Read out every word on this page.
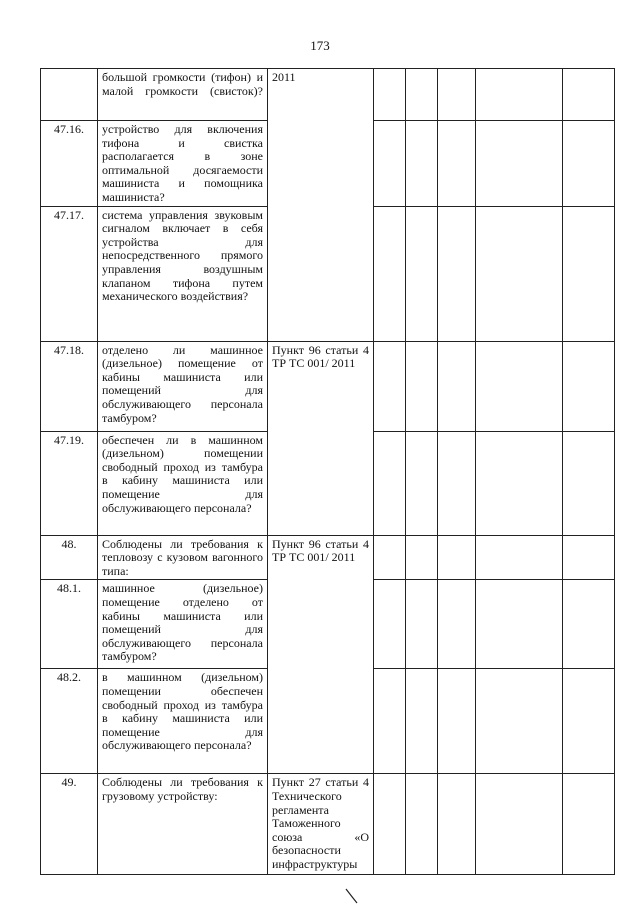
173
	большой громкости (тифон) и малой громкости (свисток)?	2011					

47.16.	устройство для включения тифона и свистка располагается в зоне оптимальной досягаемости машиниста и помощника машиниста?						
47.17.	система управления звуковым сигналом включает в себя устройства для непосредственного прямого управления воздушным клапаном тифона путем механического воздействия?						
47.18.	отделено ли машинное (дизельное) помещение от кабины машиниста или помещений для обслуживающего персонала тамбуром?	Пункт 96 статьи 4 ТР ТС 001/ 2011					

47.19.	обеспечен ли в машинном (дизельном) помещении свободный проход из тамбура в кабину машиниста или помещение для обслуживающего персонала?						
48.	Соблюдены ли требования к тепловозу с кузовом вагонного типа:	Пункт 96 статьи 4 ТР ТС 001/ 2011					

48.1.	машинное (дизельное) помещение отделено от кабины машиниста или помещений для обслуживающего персонала тамбуром?						
48.2.	в машинном (дизельном) помещении обеспечен свободный проход из тамбура в кабину машиниста или помещение для обслуживающего персонала?						
49.	Соблюдены ли требования к грузовому устройству:	Пункт 27 статьи 4 Технического регламента Таможенного союза «О безопасности инфраструктуры					
